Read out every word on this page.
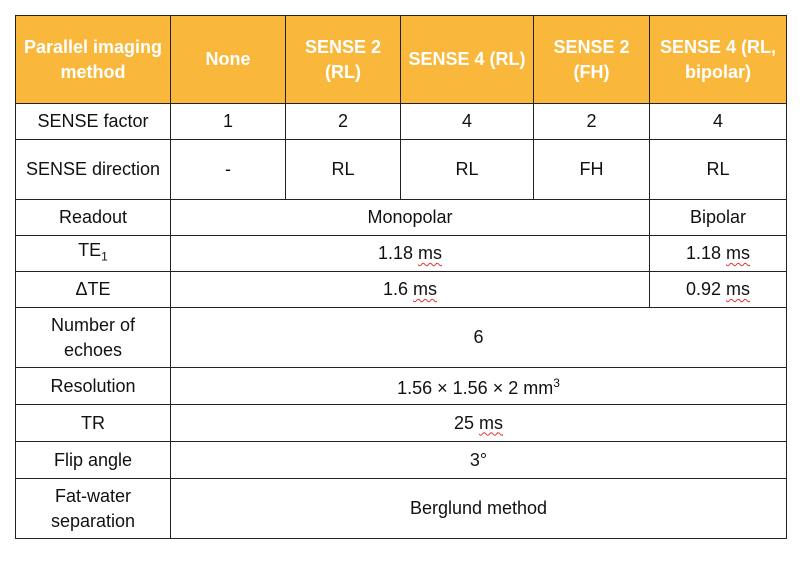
Parallel imaging method	None	SENSE 2 (RL)	SENSE 4 (RL)	SENSE 2 (FH)	SENSE 4 (RL, bipolar)
SENSE factor	1	2	4	2	4
SENSE direction	-	RL	RL	FH	RL
Readout	Monopolar				Bipolar
$TE_1$	1.18 ms				1.18 ms
ΔTE	1.6 ms				0.92 ms
Number of echoes	6				
Resolution	1.56 × 1.56 × 2 $mm^3$
TR	25 ms				
Flip angle	3°				
Fat-water separation	Berglund method				
